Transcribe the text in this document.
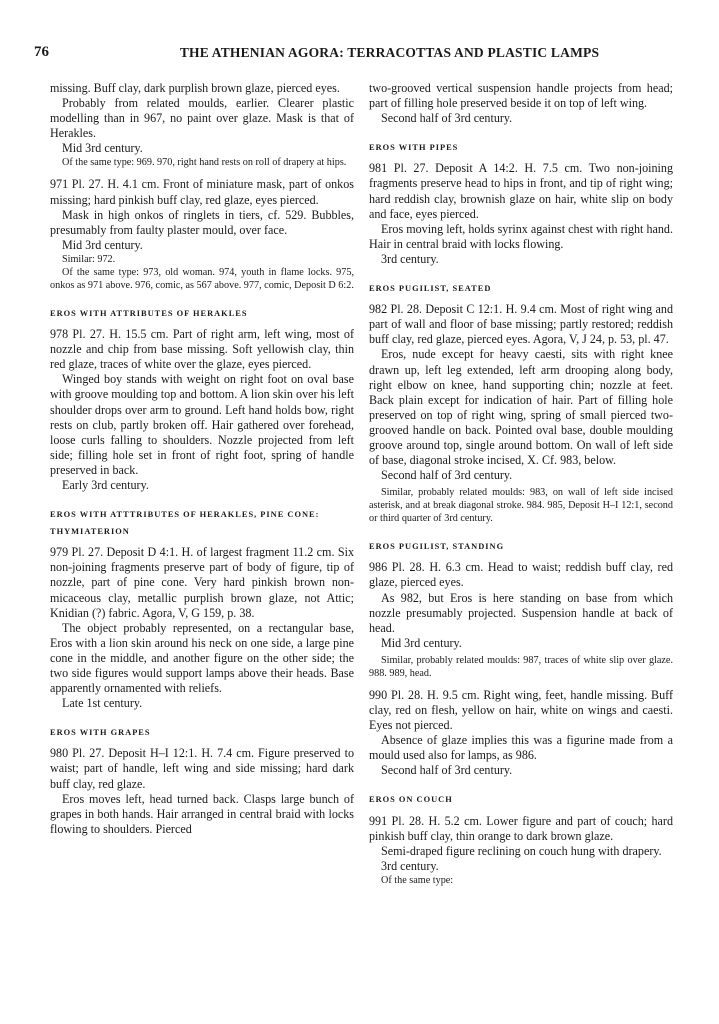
76	THE ATHENIAN AGORA: TERRACOTTAS AND PLASTIC LAMPS

missing. Buff clay, dark purplish brown glaze, pierced eyes.

Probably from related moulds, earlier. Clearer plastic modelling than in 967, no paint over glaze. Mask is that of Herakles.

Mid 3rd century.

Of the same type: 969. 970, right hand rests on roll of drapery at hips.

971 Pl. 27. H. 4.1 cm. Front of miniature mask, part of onkos missing; hard pinkish buff clay, red glaze, eyes pierced.

Mask in high onkos of ringlets in tiers, cf. 529. Bubbles, presumably from faulty plaster mould, over face.

Mid 3rd century.

Similar: 972.

Of the same type: 973, old woman. 974, youth in flame locks. 975, onkos as 971 above. 976, comic, as 567 above. 977, comic, Deposit D 6:2.

EROS WITH ATTRIBUTES OF HERAKLES

978 Pl. 27. H. 15.5 cm. Part of right arm, left wing, most of nozzle and chip from base missing. Soft yellowish clay, thin red glaze, traces of white over the glaze, eyes pierced.

Winged boy stands with weight on right foot on oval base with groove moulding top and bottom. A lion skin over his left shoulder drops over arm to ground. Left hand holds bow, right rests on club, partly broken off. Hair gathered over forehead, loose curls falling to shoulders. Nozzle projected from left side; filling hole set in front of right foot, spring of handle preserved in back.

Early 3rd century.

EROS WITH ATTTRIBUTES OF HERAKLES, PINE CONE:
THYMIATERION

979 Pl. 27. Deposit D 4:1. H. of largest fragment 11.2 cm. Six non-joining fragments preserve part of body of figure, tip of nozzle, part of pine cone. Very hard pinkish brown non-micaceous clay, metallic purplish brown glaze, not Attic; Knidian (?) fabric. Agora, V, G 159, p. 38.

The object probably represented, on a rectangular base, Eros with a lion skin around his neck on one side, a large pine cone in the middle, and another figure on the other side; the two side figures would support lamps above their heads. Base apparently ornamented with reliefs.

Late 1st century.

EROS WITH GRAPES

980 Pl. 27. Deposit H–I 12:1. H. 7.4 cm. Figure preserved to waist; part of handle, left wing and side missing; hard dark buff clay, red glaze.

Eros moves left, head turned back. Clasps large bunch of grapes in both hands. Hair arranged in central braid with locks flowing to shoulders. Pierced

two-grooved vertical suspension handle projects from head; part of filling hole preserved beside it on top of left wing.

Second half of 3rd century.

EROS WITH PIPES

981 Pl. 27. Deposit A 14:2. H. 7.5 cm. Two non-joining fragments preserve head to hips in front, and tip of right wing; hard reddish clay, brownish glaze on hair, white slip on body and face, eyes pierced.

Eros moving left, holds syrinx against chest with right hand. Hair in central braid with locks flowing.

3rd century.

EROS PUGILIST, SEATED

982 Pl. 28. Deposit C 12:1. H. 9.4 cm. Most of right wing and part of wall and floor of base missing; partly restored; reddish buff clay, red glaze, pierced eyes. Agora, V, J 24, p. 53, pl. 47.

Eros, nude except for heavy caesti, sits with right knee drawn up, left leg extended, left arm drooping along body, right elbow on knee, hand supporting chin; nozzle at feet. Back plain except for indication of hair. Part of filling hole preserved on top of right wing, spring of small pierced two-grooved handle on back. Pointed oval base, double moulding groove around top, single around bottom. On wall of left side of base, diagonal stroke incised, X. Cf. 983, below.

Second half of 3rd century.

Similar, probably related moulds: 983, on wall of left side incised asterisk, and at break diagonal stroke. 984. 985, Deposit H–I 12:1, second or third quarter of 3rd century.

EROS PUGILIST, STANDING

986 Pl. 28. H. 6.3 cm. Head to waist; reddish buff clay, red glaze, pierced eyes.

As 982, but Eros is here standing on base from which nozzle presumably projected. Suspension handle at back of head.

Mid 3rd century.

Similar, probably related moulds: 987, traces of white slip over glaze. 988. 989, head.

990 Pl. 28. H. 9.5 cm. Right wing, feet, handle missing. Buff clay, red on flesh, yellow on hair, white on wings and caesti. Eyes not pierced.

Absence of glaze implies this was a figurine made from a mould used also for lamps, as 986.

Second half of 3rd century.

EROS ON COUCH

991 Pl. 28. H. 5.2 cm. Lower figure and part of couch; hard pinkish buff clay, thin orange to dark brown glaze.

Semi-draped figure reclining on couch hung with drapery.

3rd century.

Of the same type:
